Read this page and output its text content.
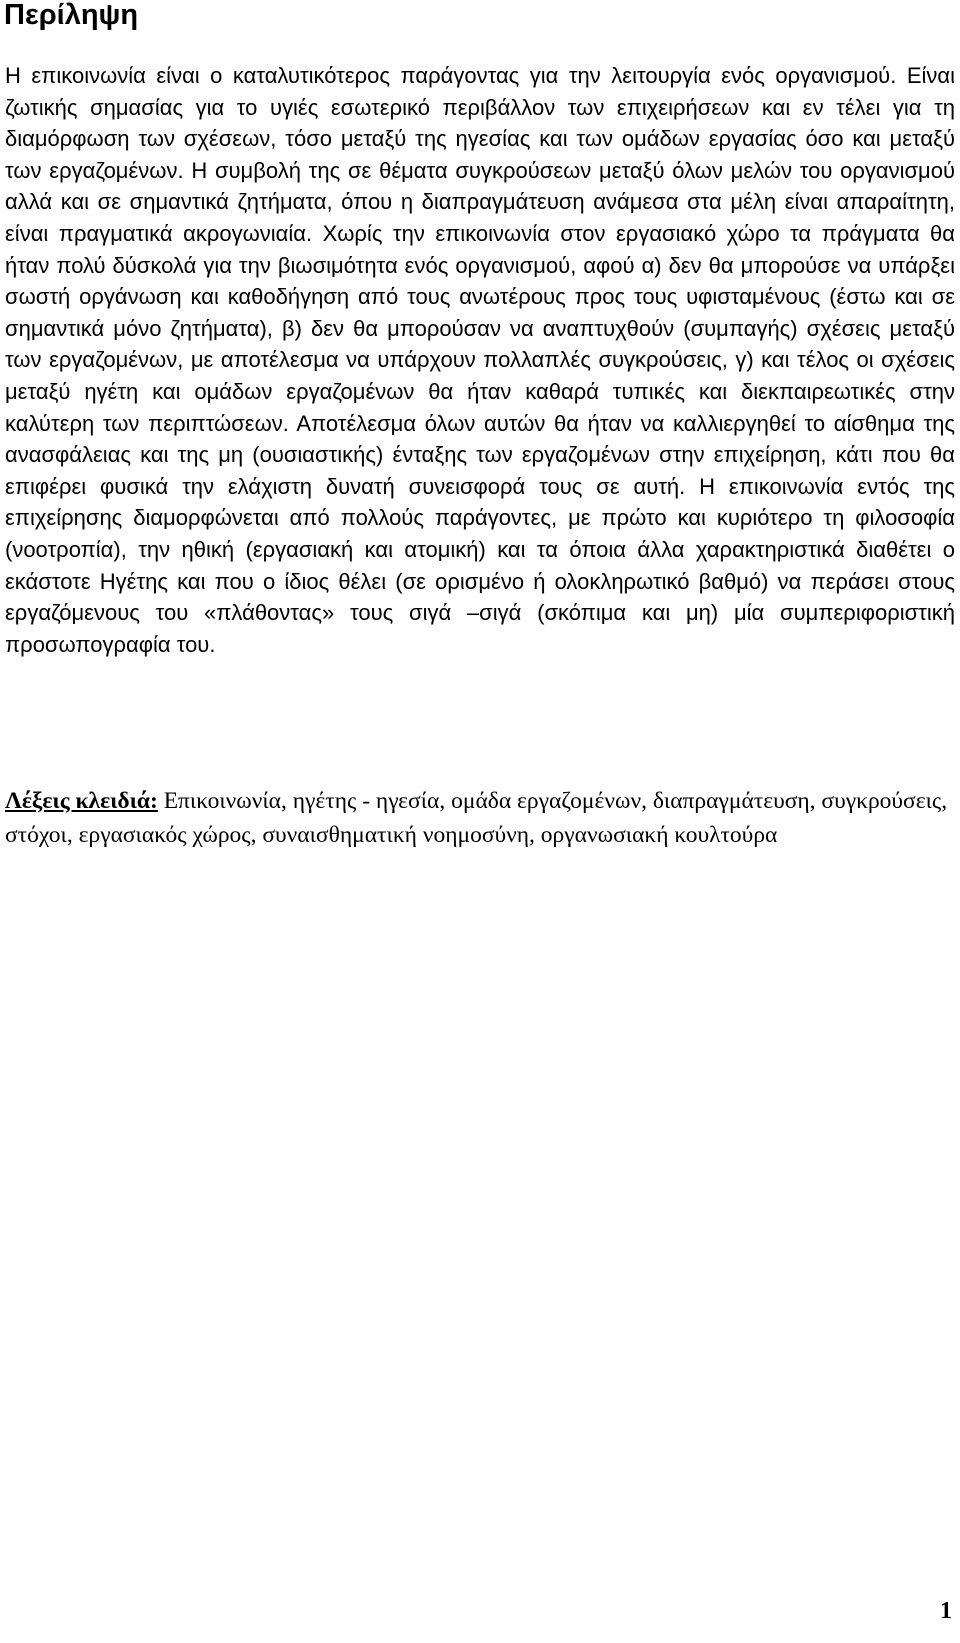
Περίληψη

Η επικοινωνία είναι ο καταλυτικότερος παράγοντας για την λειτουργία ενός οργανισμού. Είναι ζωτικής σημασίας για το υγιές εσωτερικό περιβάλλον των επιχειρήσεων και εν τέλει για τη διαμόρφωση των σχέσεων, τόσο μεταξύ της ηγεσίας και των ομάδων εργασίας όσο και μεταξύ των εργαζομένων. Η συμβολή της σε θέματα συγκρούσεων μεταξύ όλων μελών του οργανισμού αλλά και σε σημαντικά ζητήματα, όπου η διαπραγμάτευση ανάμεσα στα μέλη είναι απαραίτητη, είναι πραγματικά ακρογωνιαία. Χωρίς την επικοινωνία στον εργασιακό χώρο τα πράγματα θα ήταν πολύ δύσκολά για την βιωσιμότητα ενός οργανισμού, αφού α) δεν θα μπορούσε να υπάρξει σωστή οργάνωση και καθοδήγηση από τους ανωτέρους προς τους υφισταμένους (έστω και σε σημαντικά μόνο ζητήματα), β) δεν θα μπορούσαν να αναπτυχθούν (συμπαγής) σχέσεις μεταξύ των εργαζομένων, με αποτέλεσμα να υπάρχουν πολλαπλές συγκρούσεις, γ) και τέλος οι σχέσεις μεταξύ ηγέτη και ομάδων εργαζομένων θα ήταν καθαρά τυπικές και διεκπαιρεωτικές στην καλύτερη των περιπτώσεων. Αποτέλεσμα όλων αυτών θα ήταν να καλλιεργηθεί το αίσθημα της ανασφάλειας και της μη (ουσιαστικής) ένταξης των εργαζομένων στην επιχείρηση, κάτι που θα επιφέρει φυσικά την ελάχιστη δυνατή συνεισφορά τους σε αυτή. Η επικοινωνία εντός της επιχείρησης διαμορφώνεται από πολλούς παράγοντες, με πρώτο και κυριότερο τη φιλοσοφία (νοοτροπία), την ηθική (εργασιακή και ατομική) και τα όποια άλλα χαρακτηριστικά διαθέτει ο εκάστοτε Ηγέτης και που ο ίδιος θέλει (σε ορισμένο ή ολοκληρωτικό βαθμό) να περάσει στους εργαζόμενους του «πλάθοντας» τους σιγά –σιγά (σκόπιμα και μη) μία συμπεριφοριστική προσωπογραφία του.

Λέξεις κλειδιά: Επικοινωνία, ηγέτης - ηγεσία, ομάδα εργαζομένων, διαπραγμάτευση, συγκρούσεις, στόχοι, εργασιακός χώρος, συναισθηματική νοημοσύνη, οργανωσιακή κουλτούρα

1
